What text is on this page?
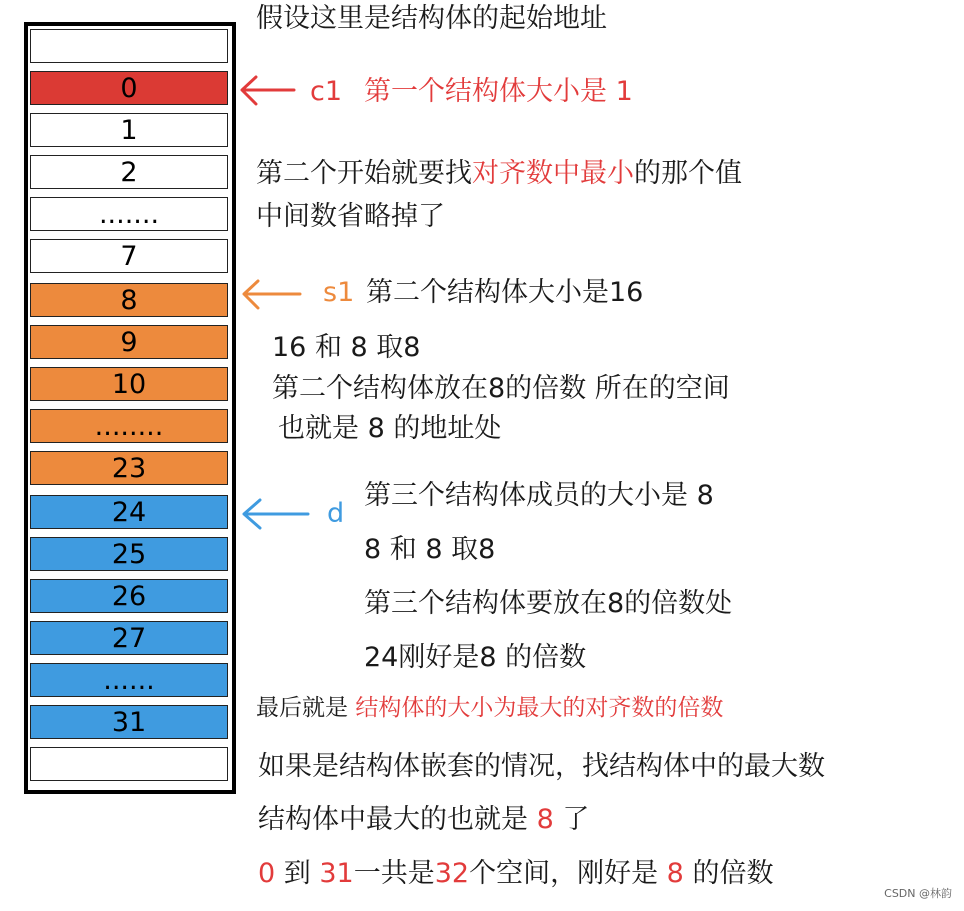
0
1
2
.......
7
8
9
10
........
23
24
25
26
27
......
31
假设这里是结构体的起始地址
c1 第一个结构体大小是 1
第二个开始就要找对齐数中最小的那个值
中间数省略掉了
s1 第二个结构体大小是16
16 和 8 取8
第二个结构体放在8的倍数 所在的空间
也就是 8 的地址处
d
第三个结构体成员的大小是 8
8 和 8 取8
第三个结构体要放在8的倍数处
24刚好是8 的倍数
最后就是 结构体的大小为最大的对齐数的倍数
如果是结构体嵌套的情况，找结构体中的最大数
结构体中最大的也就是 8 了
0 到 31一共是32个空间，刚好是 8 的倍数
CSDN @林韵
